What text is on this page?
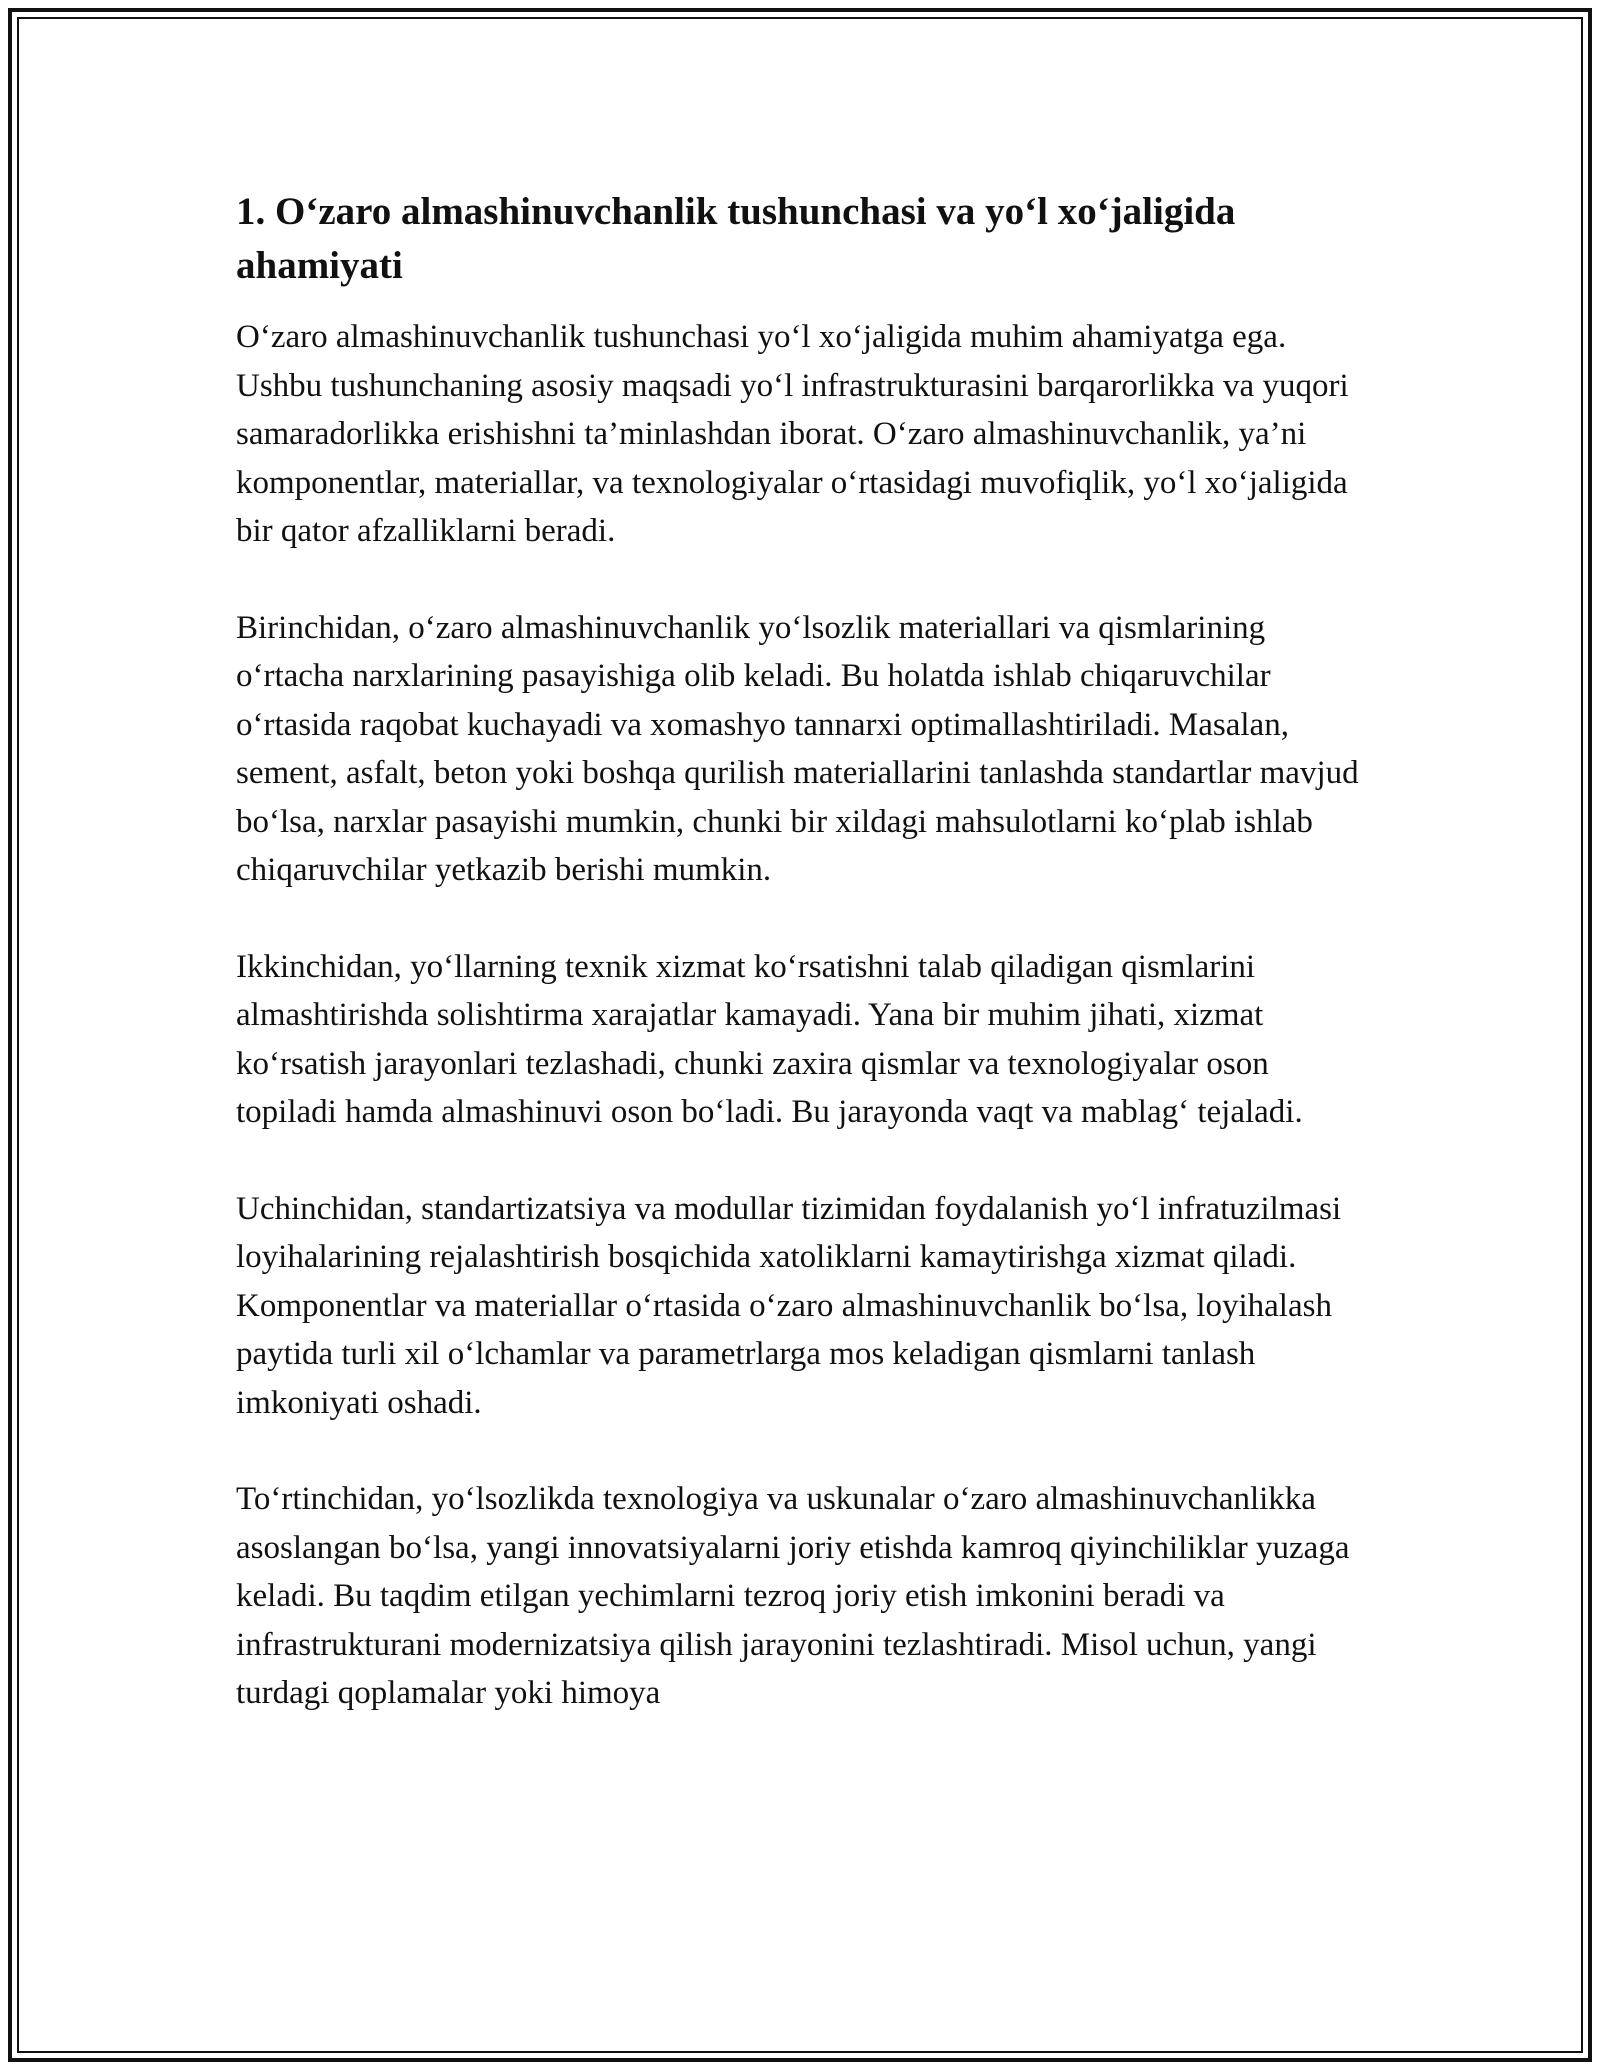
1. O‘zaro almashinuvchanlik tushunchasi va yo‘l xo‘jaligida ahamiyati

O‘zaro almashinuvchanlik tushunchasi yo‘l xo‘jaligida muhim ahamiyatga ega. Ushbu tushunchaning asosiy maqsadi yo‘l infrastrukturasini barqarorlikka va yuqori samaradorlikka erishishni ta’minlashdan iborat. O‘zaro almashinuvchanlik, ya’ni komponentlar, materiallar, va texnologiyalar o‘rtasidagi muvofiqlik, yo‘l xo‘jaligida bir qator afzalliklarni beradi.

Birinchidan, o‘zaro almashinuvchanlik yo‘lsozlik materiallari va qismlarining o‘rtacha narxlarining pasayishiga olib keladi. Bu holatda ishlab chiqaruvchilar o‘rtasida raqobat kuchayadi va xomashyo tannarxi optimallashtiriladi. Masalan, sement, asfalt, beton yoki boshqa qurilish materiallarini tanlashda standartlar mavjud bo‘lsa, narxlar pasayishi mumkin, chunki bir xildagi mahsulotlarni ko‘plab ishlab chiqaruvchilar yetkazib berishi mumkin.

Ikkinchidan, yo‘llarning texnik xizmat ko‘rsatishni talab qiladigan qismlarini almashtirishda solishtirma xarajatlar kamayadi. Yana bir muhim jihati, xizmat ko‘rsatish jarayonlari tezlashadi, chunki zaxira qismlar va texnologiyalar oson topiladi hamda almashinuvi oson bo‘ladi. Bu jarayonda vaqt va mablag‘ tejaladi.

Uchinchidan, standartizatsiya va modullar tizimidan foydalanish yo‘l infratuzilmasi loyihalarining rejalashtirish bosqichida xatoliklarni kamaytirishga xizmat qiladi. Komponentlar va materiallar o‘rtasida o‘zaro almashinuvchanlik bo‘lsa, loyihalash paytida turli xil o‘lchamlar va parametrlarga mos keladigan qismlarni tanlash imkoniyati oshadi.

To‘rtinchidan, yo‘lsozlikda texnologiya va uskunalar o‘zaro almashinuvchanlikka asoslangan bo‘lsa, yangi innovatsiyalarni joriy etishda kamroq qiyinchiliklar yuzaga keladi. Bu taqdim etilgan yechimlarni tezroq joriy etish imkonini beradi va infrastrukturani modernizatsiya qilish jarayonini tezlashtiradi. Misol uchun, yangi turdagi qoplamalar yoki himoya
